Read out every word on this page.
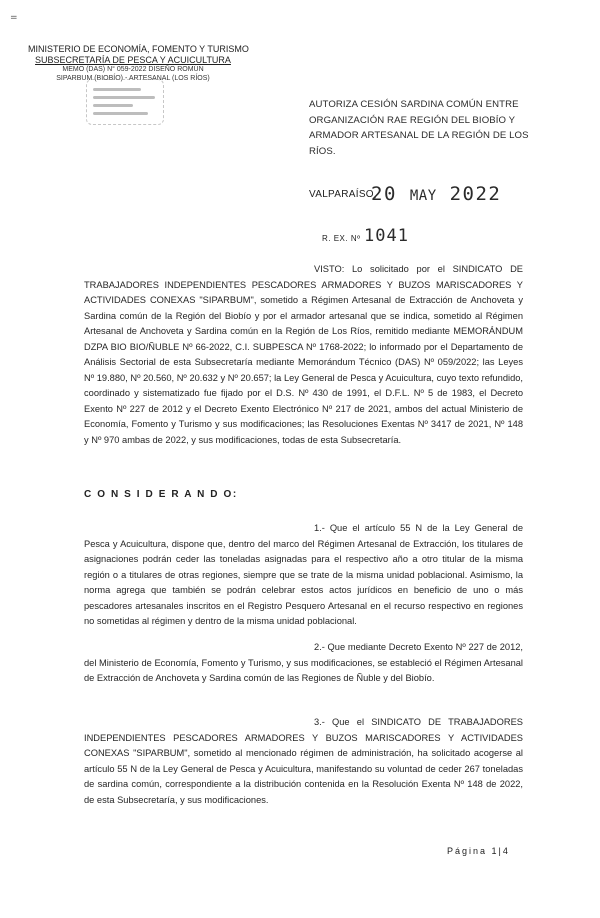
=
MINISTERIO DE ECONOMÍA, FOMENTO Y TURISMO
SUBSECRETARÍA DE PESCA Y ACUICULTURA
MEMO (DAS) N° 059-2022 DISEÑO ROMÚN
SIPARBUM (BIOBÍO) - ARTESANAL (LOS RÍOS)
AUTORIZA CESIÓN SARDINA COMÚN ENTRE ORGANIZACIÓN RAE REGIÓN DEL BIOBÍO Y ARMADOR ARTESANAL DE LA REGIÓN DE LOS RÍOS.
VALPARAÍSO,
20 MAY 2022
R. EX. Nº 1041
VISTO: Lo solicitado por el SINDICATO DE TRABAJADORES INDEPENDIENTES PESCADORES ARMADORES Y BUZOS MARISCADORES Y ACTIVIDADES CONEXAS "SIPARBUM", sometido a Régimen Artesanal de Extracción de Anchoveta y Sardina común de la Región del Biobío y por el armador artesanal que se indica, sometido al Régimen Artesanal de Anchoveta y Sardina común en la Región de Los Ríos, remitido mediante MEMORÁNDUM DZPA BIO BIO/ÑUBLE Nº 66-2022, C.I. SUBPESCA Nº 1768-2022; lo informado por el Departamento de Análisis Sectorial de esta Subsecretaría mediante Memorándum Técnico (DAS) Nº 059/2022; las Leyes Nº 19.880, Nº 20.560, Nº 20.632 y Nº 20.657; la Ley General de Pesca y Acuicultura, cuyo texto refundido, coordinado y sistematizado fue fijado por el D.S. Nº 430 de 1991, el D.F.L. Nº 5 de 1983, el Decreto Exento Nº 227 de 2012 y el Decreto Exento Electrónico Nº 217 de 2021, ambos del actual Ministerio de Economía, Fomento y Turismo y sus modificaciones; las Resoluciones Exentas Nº 3417 de 2021, Nº 148 y Nº 970 ambas de 2022, y sus modificaciones, todas de esta Subsecretaría.
C O N S I D E R A N D O:
1.- Que el artículo 55 N de la Ley General de Pesca y Acuicultura, dispone que, dentro del marco del Régimen Artesanal de Extracción, los titulares de asignaciones podrán ceder las toneladas asignadas para el respectivo año a otro titular de la misma región o a titulares de otras regiones, siempre que se trate de la misma unidad poblacional. Asimismo, la norma agrega que también se podrán celebrar estos actos jurídicos en beneficio de uno o más pescadores artesanales inscritos en el Registro Pesquero Artesanal en el recurso respectivo en regiones no sometidas al régimen y dentro de la misma unidad poblacional.
2.- Que mediante Decreto Exento Nº 227 de 2012, del Ministerio de Economía, Fomento y Turismo, y sus modificaciones, se estableció el Régimen Artesanal de Extracción de Anchoveta y Sardina común de las Regiones de Ñuble y del Biobío.
3.- Que el SINDICATO DE TRABAJADORES INDEPENDIENTES PESCADORES ARMADORES Y BUZOS MARISCADORES Y ACTIVIDADES CONEXAS "SIPARBUM", sometido al mencionado régimen de administración, ha solicitado acogerse al artículo 55 N de la Ley General de Pesca y Acuicultura, manifestando su voluntad de ceder 267 toneladas de sardina común, correspondiente a la distribución contenida en la Resolución Exenta Nº 148 de 2022, de esta Subsecretaría, y sus modificaciones.
Página 1|4
